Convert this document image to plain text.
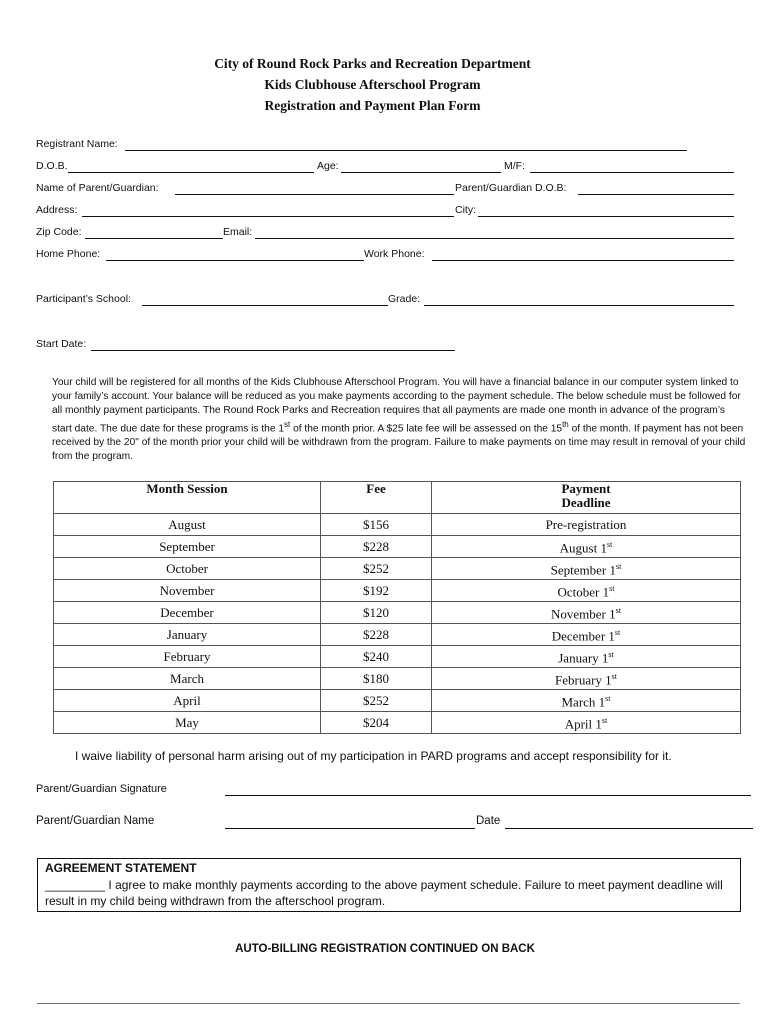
City of Round Rock Parks and Recreation Department
Kids Clubhouse Afterschool Program
Registration and Payment Plan Form
Registrant Name:
D.O.B.	Age:	M/F:
Name of Parent/Guardian:	Parent/Guardian D.O.B:
Address:	City:
Zip Code:	Email:
Home Phone:	Work Phone:
Participant’s School:	Grade:
Start Date:
Your child will be registered for all months of the Kids Clubhouse Afterschool Program. You will have a financial balance in our computer system linked to your family’s account. Your balance will be reduced as you make payments according to the payment schedule. The below schedule must be followed for all monthly payment participants. The Round Rock Parks and Recreation requires that all payments are made one month in advance of the program’s start date. The due date for these programs is the 1st of the month prior. A $25 late fee will be assessed on the 15th of the month. If payment has not been received by the 20" of the month prior your child will be withdrawn from the program. Failure to make payments on time may result in removal of your child from the program.
Month Session	Fee	Payment
Deadline
August	$156	Pre-registration
September	$228	August 1st
October	$252	September 1st
November	$192	October 1st
December	$120	November 1st
January	$228	December 1st
February	$240	January 1st
March	$180	February 1st
April	$252	March 1st
May	$204	April 1st
I waive liability of personal harm arising out of my participation in PARD programs and accept responsibility for it.
Parent/Guardian Signature
Parent/Guardian Name	Date
AGREEMENT STATEMENT
_________ I agree to make monthly payments according to the above payment schedule. Failure to meet payment deadline will result in my child being withdrawn from the afterschool program.
AUTO-BILLING REGISTRATION CONTINUED ON BACK
